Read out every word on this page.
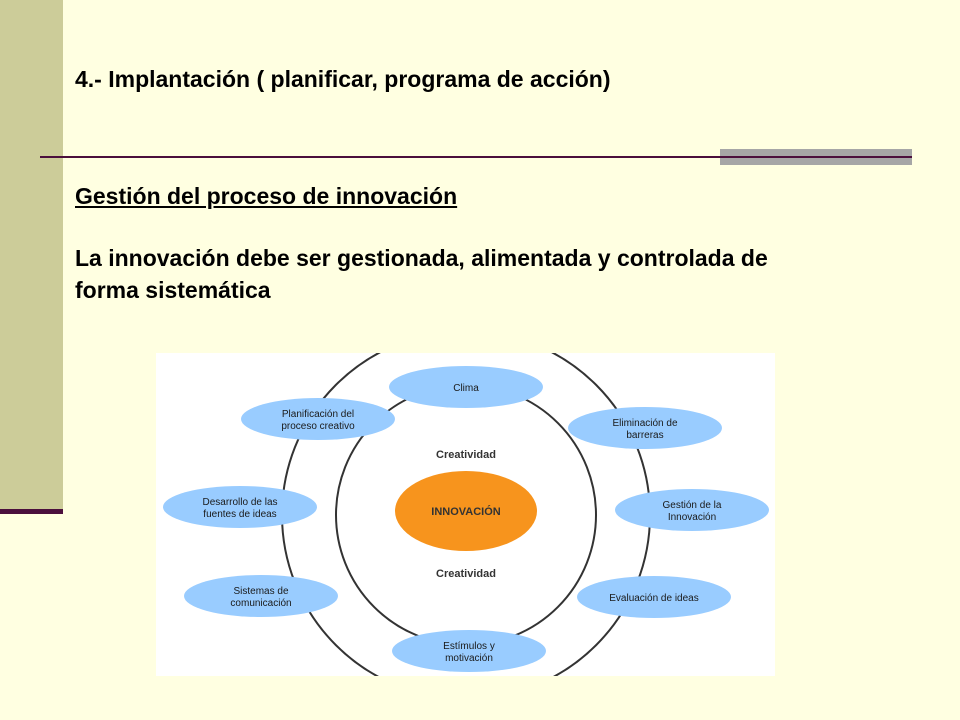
4.- Implantación ( planificar, programa de acción)
Gestión del proceso de innovación
La innovación debe ser gestionada, alimentada y controlada de forma sistemática
INNOVACIÓN
Creatividad
Creatividad
Clima
Eliminación de
barreras
Gestión de la
Innovación
Evaluación de ideas
Estímulos y
motivación
Sistemas de
comunicación
Desarrollo de las
fuentes de ideas
Planificación del
proceso creativo
